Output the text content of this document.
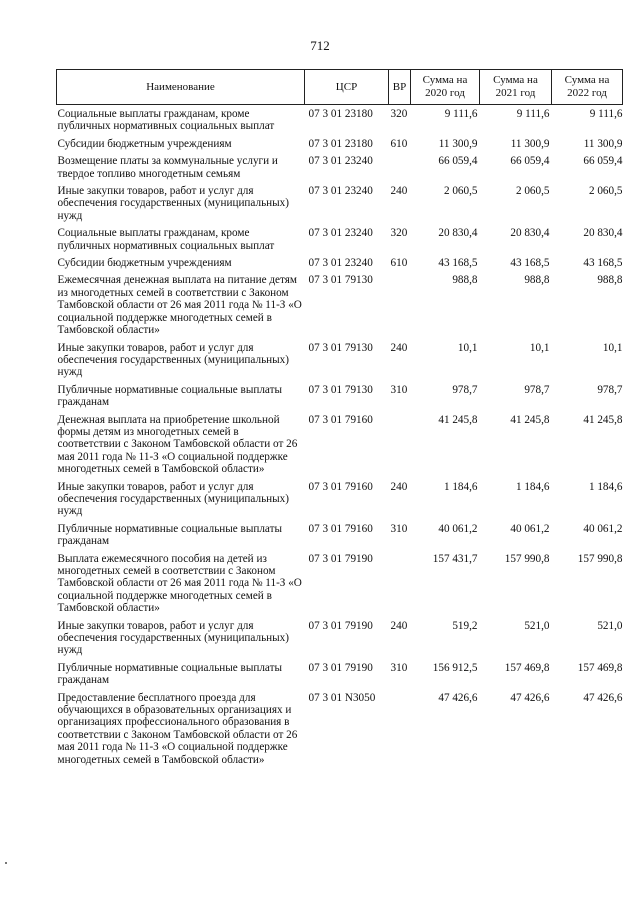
712
Наименование	ЦСР	ВР	Сумма на 2020 год	Сумма на 2021 год	Сумма на 2022 год
Социальные выплаты гражданам, кроме публичных нормативных социальных выплат	07 3 01 23180	320	9 111,6	9 111,6	9 111,6
Субсидии бюджетным учреждениям	07 3 01 23180	610	11 300,9	11 300,9	11 300,9
Возмещение платы за коммунальные услуги и твердое топливо многодетным семьям	07 3 01 23240		66 059,4	66 059,4	66 059,4
Иные закупки товаров, работ и услуг для обеспечения государственных (муниципальных) нужд	07 3 01 23240	240	2 060,5	2 060,5	2 060,5
Социальные выплаты гражданам, кроме публичных нормативных социальных выплат	07 3 01 23240	320	20 830,4	20 830,4	20 830,4
Субсидии бюджетным учреждениям	07 3 01 23240	610	43 168,5	43 168,5	43 168,5
Ежемесячная денежная выплата на питание детям из многодетных семей в соответствии с Законом Тамбовской области от 26 мая 2011 года № 11-З «О социальной поддержке многодетных семей в Тамбовской области»	07 3 01 79130		988,8	988,8	988,8
Иные закупки товаров, работ и услуг для обеспечения государственных (муниципальных) нужд	07 3 01 79130	240	10,1	10,1	10,1
Публичные нормативные социальные выплаты гражданам	07 3 01 79130	310	978,7	978,7	978,7
Денежная выплата на приобретение школьной формы детям из многодетных семей в соответствии с Законом Тамбовской области от 26 мая 2011 года № 11-З «О социальной поддержке многодетных семей в Тамбовской области»	07 3 01 79160		41 245,8	41 245,8	41 245,8
Иные закупки товаров, работ и услуг для обеспечения государственных (муниципальных) нужд	07 3 01 79160	240	1 184,6	1 184,6	1 184,6
Публичные нормативные социальные выплаты гражданам	07 3 01 79160	310	40 061,2	40 061,2	40 061,2
Выплата ежемесячного пособия на детей из многодетных семей в соответствии с Законом Тамбовской области от 26 мая 2011 года № 11-З «О социальной поддержке многодетных семей в Тамбовской области»	07 3 01 79190		157 431,7	157 990,8	157 990,8
Иные закупки товаров, работ и услуг для обеспечения государственных (муниципальных) нужд	07 3 01 79190	240	519,2	521,0	521,0
Публичные нормативные социальные выплаты гражданам	07 3 01 79190	310	156 912,5	157 469,8	157 469,8
Предоставление бесплатного проезда для обучающихся в образовательных организациях и организациях профессионального образования в соответствии с Законом Тамбовской области от 26 мая 2011 года № 11-З «О социальной поддержке многодетных семей в Тамбовской области»	07 3 01 N3050		47 426,6	47 426,6	47 426,6
